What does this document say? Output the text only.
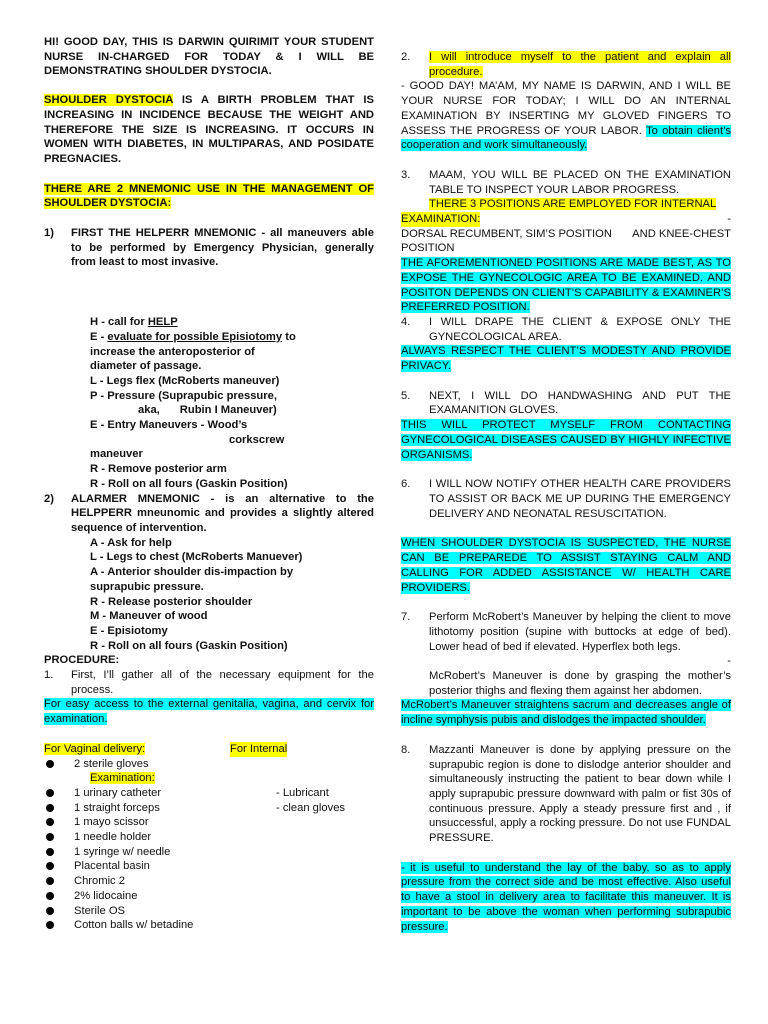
HI! GOOD DAY, THIS IS DARWIN QUIRIMIT YOUR STUDENT NURSE IN-CHARGED FOR TODAY & I WILL BE DEMONSTRATING SHOULDER DYSTOCIA.

SHOULDER DYSTOCIA IS A BIRTH PROBLEM THAT IS INCREASING IN INCIDENCE BECAUSE THE WEIGHT AND THEREFORE THE SIZE IS INCREASING. IT OCCURS IN WOMEN WITH DIABETES, IN MULTIPARAS, AND POSIDATE PREGNACIES.

THERE ARE 2 MNEMONIC USE IN THE MANAGEMENT OF SHOULDER DYSTOCIA:

1) FIRST THE HELPERR MNEMONIC - all maneuvers able to be performed by Emergency Physician, generally from least to most invasive.
H - call for HELP
E - evaluate for possible Episiotomy to
increase the anteroposterior of
diameter of passage.
L - Legs flex (McRoberts maneuver)
P - Pressure (Suprapubic pressure,
aka, Rubin I Maneuver)
E - Entry Maneuvers - Wood’s
corkscrew
maneuver
R - Remove posterior arm
R - Roll on all fours (Gaskin Position)
2) ALARMER MNEMONIC - is an alternative to the HELPPERR mneunomic and provides a slightly altered sequence of intervention.
A - Ask for help
L - Legs to chest (McRoberts Manuever)
A - Anterior shoulder dis-impaction by
suprapubic pressure.
R - Release posterior shoulder
M - Maneuver of wood
E - Episiotomy
R - Roll on all fours (Gaskin Position)
PROCEDURE:
1. First, I’ll gather all of the necessary equipment for the process.

For easy access to the external genitalia, vagina, and cervix for examination.

For Vaginal delivery:	For Internal
2 sterile gloves
Examination:
1 urinary catheter	- Lubricant
1 straight forceps	- clean gloves
1 mayo scissor
1 needle holder
1 syringe w/ needle
Placental basin
Chromic 2
2% lidocaine
Sterile OS
Cotton balls w/ betadine
2. I will introduce myself to the patient and explain all procedure.

- GOOD DAY! MA’AM, MY NAME IS DARWIN, AND I WILL BE YOUR NURSE FOR TODAY; I WILL DO AN INTERNAL EXAMINATION BY INSERTING MY GLOVED FINGERS TO ASSESS THE PROGRESS OF YOUR LABOR. To obtain client’s cooperation and work simultaneously.

3. MAAM, YOU WILL BE PLACED ON THE EXAMINATION TABLE TO INSPECT YOUR LABOR PROGRESS.
THERE 3 POSITIONS ARE EMPLOYED FOR INTERNAL
EXAMINATION:	-
DORSAL RECUMBENT, SIM’S POSITION AND KNEE-CHEST
POSITION

THE AFOREMENTIONED POSITIONS ARE MADE BEST, AS TO EXPOSE THE GYNECOLOGIC AREA TO BE EXAMINED. AND POSITON DEPENDS ON CLIENT’S CAPABILITY & EXAMINER’S PREFERRED POSITION.

4. I WILL DRAPE THE CLIENT & EXPOSE ONLY THE GYNECOLOGICAL AREA.

ALWAYS RESPECT THE CLIENT’S MODESTY AND PROVIDE PRIVACY.

5. NEXT, I WILL DO HANDWASHING AND PUT THE EXAMANITION GLOVES.

THIS WILL PROTECT MYSELF FROM CONTACTING GYNECOLOGICAL DISEASES CAUSED BY HIGHLY INFECTIVE ORGANISMS.

6. I WILL NOW NOTIFY OTHER HEALTH CARE PROVIDERS TO ASSIST OR BACK ME UP DURING THE EMERGENCY DELIVERY AND NEONATAL RESUSCITATION.

WHEN SHOULDER DYSTOCIA IS SUSPECTED, THE NURSE CAN BE PREPAREDE TO ASSIST STAYING CALM AND CALLING FOR ADDED ASSISTANCE W/ HEALTH CARE PROVIDERS.

7. Perform McRobert’s Maneuver by helping the client to move lithotomy position (supine with buttocks at edge of bed). Lower head of bed if elevated. Hyperflex both legs.
-
McRobert’s Maneuver is done by grasping the mother’s posterior thighs and flexing them against her abdomen.

McRobert’s Maneuver straightens sacrum and decreases angle of incline symphysis pubis and dislodges the impacted shoulder.

8. Mazzanti Maneuver is done by applying pressure on the suprapubic region is done to dislodge anterior shoulder and simultaneously instructing the patient to bear down while I apply suprapubic pressure downward with palm or fist 30s of continuous pressure. Apply a steady pressure first and , if unsuccessful, apply a rocking pressure. Do not use FUNDAL PRESSURE.

- it is useful to understand the lay of the baby, so as to apply pressure from the correct side and be most effective. Also useful to have a stool in delivery area to facilitate this maneuver. It is important to be above the woman when performing subrapubic pressure.
